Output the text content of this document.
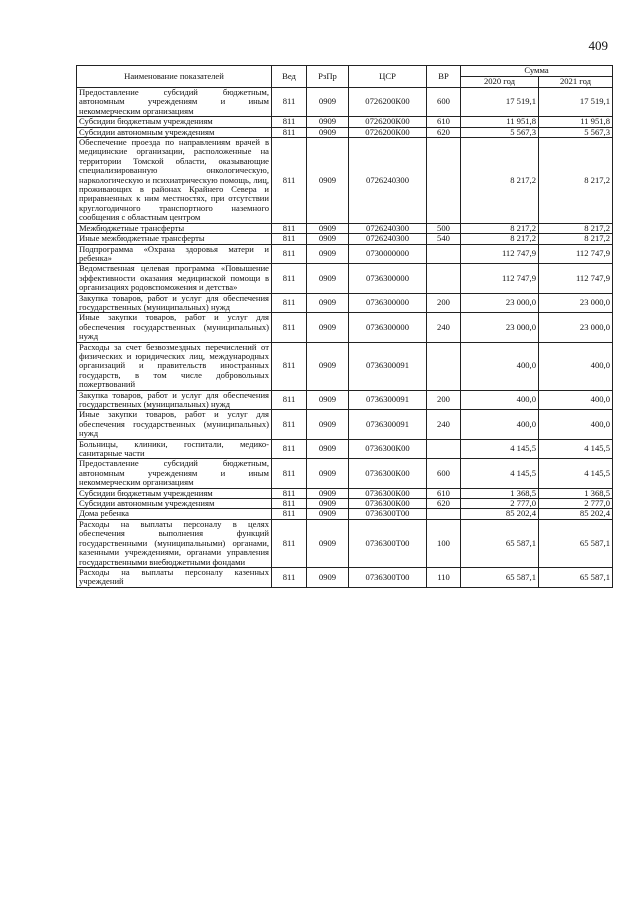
409
Наименование показателей	Вед	РзПр	ЦСР	ВР	Сумма	
					2020 год	2021 год
Предоставление субсидий бюджетным, автономным учреждениям и иным некоммерческим организациям	811	0909	0726200К00	600	17 519,1	17 519,1
Субсидии бюджетным учреждениям	811	0909	0726200К00	610	11 951,8	11 951,8
Субсидии автономным учреждениям	811	0909	0726200К00	620	5 567,3	5 567,3
Обеспечение проезда по направлениям врачей в медицинские организации, расположенные на территории Томской области, оказывающие специализированную онкологическую, наркологическую и психиатрическую помощь, лиц, проживающих в районах Крайнего Севера и приравненных к ним местностях, при отсутствии круглогодичного транспортного наземного сообщения с областным центром	811	0909	0726240300		8 217,2	8 217,2
Межбюджетные трансферты	811	0909	0726240300	500	8 217,2	8 217,2
Иные межбюджетные трансферты	811	0909	0726240300	540	8 217,2	8 217,2
Подпрограмма «Охрана здоровья матери и ребенка»	811	0909	0730000000		112 747,9	112 747,9
Ведомственная целевая программа «Повышение эффективности оказания медицинской помощи в организациях родовспоможения и детства»	811	0909	0736300000		112 747,9	112 747,9
Закупка товаров, работ и услуг для обеспечения государственных (муниципальных) нужд	811	0909	0736300000	200	23 000,0	23 000,0
Иные закупки товаров, работ и услуг для обеспечения государственных (муниципальных) нужд	811	0909	0736300000	240	23 000,0	23 000,0
Расходы за счет безвозмездных перечислений от физических и юридических лиц, международных организаций и правительств иностранных государств, в том числе добровольных пожертвований	811	0909	0736300091		400,0	400,0
Закупка товаров, работ и услуг для обеспечения государственных (муниципальных) нужд	811	0909	0736300091	200	400,0	400,0
Иные закупки товаров, работ и услуг для обеспечения государственных (муниципальных) нужд	811	0909	0736300091	240	400,0	400,0
Больницы, клиники, госпитали, медико-санитарные части	811	0909	0736300К00		4 145,5	4 145,5
Предоставление субсидий бюджетным, автономным учреждениям и иным некоммерческим организациям	811	0909	0736300К00	600	4 145,5	4 145,5
Субсидии бюджетным учреждениям	811	0909	0736300К00	610	1 368,5	1 368,5
Субсидии автономным учреждениям	811	0909	0736300К00	620	2 777,0	2 777,0
Дома ребенка	811	0909	0736300Т00		85 202,4	85 202,4
Расходы на выплаты персоналу в целях обеспечения выполнения функций государственными (муниципальными) органами, казенными учреждениями, органами управления государственными внебюджетными фондами	811	0909	0736300Т00	100	65 587,1	65 587,1
Расходы на выплаты персоналу казенных учреждений	811	0909	0736300Т00	110	65 587,1	65 587,1
